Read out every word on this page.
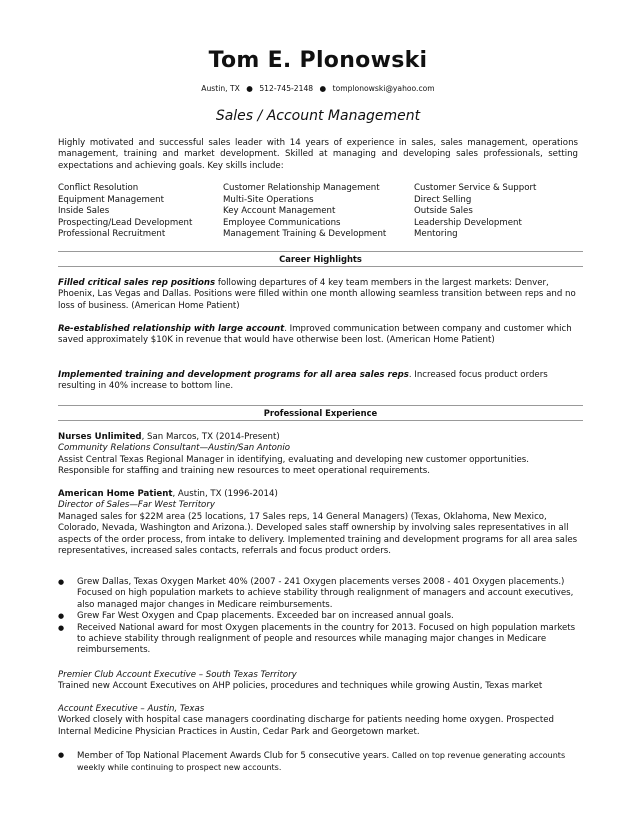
Tom E. Plonowski
Austin, TX ● 512-745-2148 ● tomplonowski@yahoo.com
Sales / Account Management
Highly motivated and successful sales leader with 14 years of experience in sales, sales management, operations management, training and market development. Skilled at managing and developing sales professionals, setting expectations and achieving goals. Key skills include:
Conflict Resolution
Equipment Management
Inside Sales
Prospecting/Lead Development
Professional Recruitment
Customer Relationship Management
Multi-Site Operations
Key Account Management
Employee Communications
Management Training & Development
Customer Service & Support
Direct Selling
Outside Sales
Leadership Development
Mentoring
Career Highlights

Filled critical sales rep positions following departures of 4 key team members in the largest markets: Denver, Phoenix, Las Vegas and Dallas. Positions were filled within one month allowing seamless transition between reps and no loss of business. (American Home Patient)

Re-established relationship with large account. Improved communication between company and customer which saved approximately $10K in revenue that would have otherwise been lost. (American Home Patient)

Implemented training and development programs for all area sales reps. Increased focus product orders resulting in 40% increase to bottom line.

Professional Experience

Nurses Unlimited, San Marcos, TX (2014-Present)

Community Relations Consultant—Austin/San Antonio

Assist Central Texas Regional Manager in identifying, evaluating and developing new customer opportunities. Responsible for staffing and training new resources to meet operational requirements.

American Home Patient, Austin, TX (1996-2014)

Director of Sales—Far West Territory

Managed sales for $22M area (25 locations, 17 Sales reps, 14 General Managers) (Texas, Oklahoma, New Mexico, Colorado, Nevada, Washington and Arizona.). Developed sales staff ownership by involving sales representatives in all aspects of the order process, from intake to delivery. Implemented training and development programs for all area sales representatives, increased sales contacts, referrals and focus product orders.

● Grew Dallas, Texas Oxygen Market 40% (2007 - 241 Oxygen placements verses 2008 - 401 Oxygen placements.) Focused on high population markets to achieve stability through realignment of managers and account executives, also managed major changes in Medicare reimbursements.
● Grew Far West Oxygen and Cpap placements. Exceeded bar on increased annual goals.
● Received National award for most Oxygen placements in the country for 2013. Focused on high population markets to achieve stability through realignment of people and resources while managing major changes in Medicare reimbursements.

Premier Club Account Executive – South Texas Territory

Trained new Account Executives on AHP policies, procedures and techniques while growing Austin, Texas market

Account Executive – Austin, Texas

Worked closely with hospital case managers coordinating discharge for patients needing home oxygen. Prospected Internal Medicine Physician Practices in Austin, Cedar Park and Georgetown market.

● Member of Top National Placement Awards Club for 5 consecutive years. Called on top revenue generating accounts weekly while continuing to prospect new accounts.
